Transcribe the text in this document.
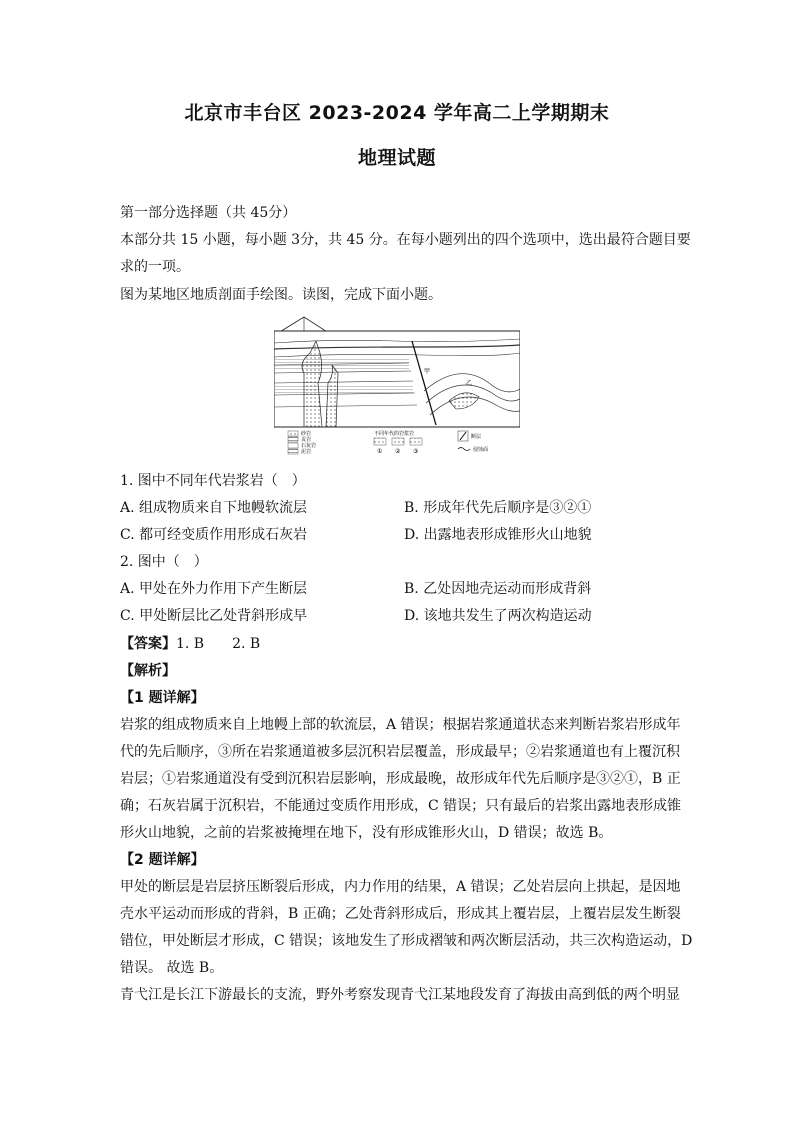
北京市丰台区 2023-2024 学年高二上学期期末
地理试题
第一部分选择题（共 45分）
本部分共 15 小题，每小题 3分，共 45 分。在每小题列出的四个选项中，选出最符合题目要
求的一项。
图为某地区地质剖面手绘图。读图，完成下面小题。
甲
乙
砂岩
页岩
石灰岩
泥岩
不同年代的岩浆岩
① ② ③
断层
侵蚀面
1. 图中不同年代岩浆岩（　）
A. 组成物质来自下地幔软流层	B. 形成年代先后顺序是③②①
C. 都可经变质作用形成石灰岩	D. 出露地表形成锥形火山地貌
2. 图中（　）
A. 甲处在外力作用下产生断层	B. 乙处因地壳运动而形成背斜
C. 甲处断层比乙处背斜形成早	D. 该地共发生了两次构造运动
【答案】1. B　　2. B
【解析】
【1 题详解】
岩浆的组成物质来自上地幔上部的软流层，A 错误；根据岩浆通道状态来判断岩浆岩形成年
代的先后顺序，③所在岩浆通道被多层沉积岩层覆盖，形成最早；②岩浆通道也有上覆沉积
岩层；①岩浆通道没有受到沉积岩层影响，形成最晚，故形成年代先后顺序是③②①，B 正
确；石灰岩属于沉积岩，不能通过变质作用形成，C 错误；只有最后的岩浆出露地表形成锥
形火山地貌，之前的岩浆被掩埋在地下，没有形成锥形火山，D 错误；故选 B。
【2 题详解】
甲处的断层是岩层挤压断裂后形成，内力作用的结果，A 错误；乙处岩层向上拱起，是因地
壳水平运动而形成的背斜，B 正确；乙处背斜形成后，形成其上覆岩层，上覆岩层发生断裂
错位，甲处断层才形成，C 错误；该地发生了形成褶皱和两次断层活动，共三次构造运动，D
错误。 故选 B。
青弋江是长江下游最长的支流，野外考察发现青弋江某地段发育了海拔由高到低的两个明显
